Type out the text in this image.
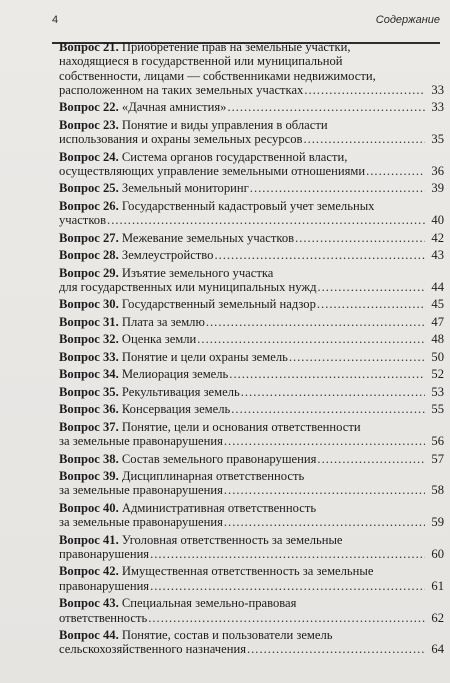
4	Содержание
Вопрос 21. Приобретение прав на земельные участки,
находящиеся в государственной или муниципальной
собственности, лицами — собственниками недвижимости,
расположенном на таких земельных участках .....	33
Вопрос 22. «Дачная амнистия» .....	33
Вопрос 23. Понятие и виды управления в области
использования и охраны земельных ресурсов .....	35
Вопрос 24. Система органов государственной власти,
осуществляющих управление земельными отношениями .....	36
Вопрос 25. Земельный мониторинг .....	39
Вопрос 26. Государственный кадастровый учет земельных
участков .....	40
Вопрос 27. Межевание земельных участков .....	42
Вопрос 28. Землеустройство .....	43
Вопрос 29. Изъятие земельного участка
для государственных или муниципальных нужд .....	44
Вопрос 30. Государственный земельный надзор .....	45
Вопрос 31. Плата за землю .....	47
Вопрос 32. Оценка земли .....	48
Вопрос 33. Понятие и цели охраны земель .....	50
Вопрос 34. Мелиорация земель .....	52
Вопрос 35. Рекультивация земель .....	53
Вопрос 36. Консервация земель .....	55
Вопрос 37. Понятие, цели и основания ответственности
за земельные правонарушения .....	56
Вопрос 38. Состав земельного правонарушения .....	57
Вопрос 39. Дисциплинарная ответственность
за земельные правонарушения .....	58
Вопрос 40. Административная ответственность
за земельные правонарушения .....	59
Вопрос 41. Уголовная ответственность за земельные
правонарушения .....	60
Вопрос 42. Имущественная ответственность за земельные
правонарушения .....	61
Вопрос 43. Специальная земельно-правовая
ответственность .....	62
Вопрос 44. Понятие, состав и пользователи земель
сельскохозяйственного назначения .....	64
